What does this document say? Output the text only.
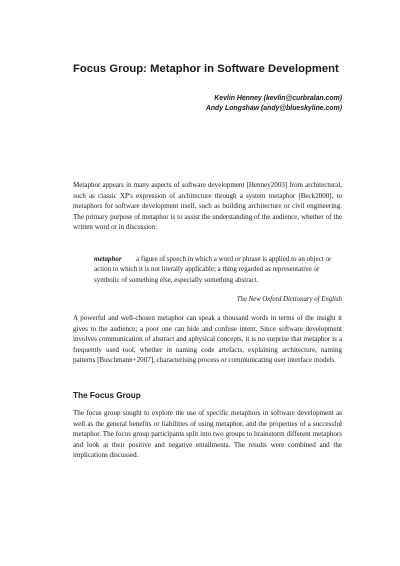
Focus Group: Metaphor in Software Development
Kevlin Henney (kevlin@curbralan.com)
Andy Longshaw (andy@blueskyline.com)

Metaphor appears in many aspects of software development [Henney2003] from architectural, such as classic XP's expression of architecture through a system metaphor [Beck2000], to metaphors for software development itself, such as building architecture or civil engineering. The primary purpose of metaphor is to assist the understanding of the audience, whether of the written word or in discussion:

metaphor a figure of speech in which a word or phrase is applied to an object or action to which it is not literally applicable; a thing regarded as representative or symbolic of something else, especially something abstract.
The New Oxford Dictionary of English

A powerful and well-chosen metaphor can speak a thousand words in terms of the insight it gives to the audience; a poor one can hide and confuse intent. Since software development involves communication of abstract and aphysical concepts, it is no surprise that metaphor is a frequently used tool, whether in naming code artefacts, explaining architecture, naming patterns [Buschmann+2007], characterising process or communicating user interface models.

The Focus Group

The focus group sought to explore the use of specific metaphors in software development as well as the general benefits or liabilities of using metaphor, and the properties of a successful metaphor. The focus group participants split into two groups to brainstorm different metaphors and look at their positive and negative entailments. The results were combined and the implications discussed.
